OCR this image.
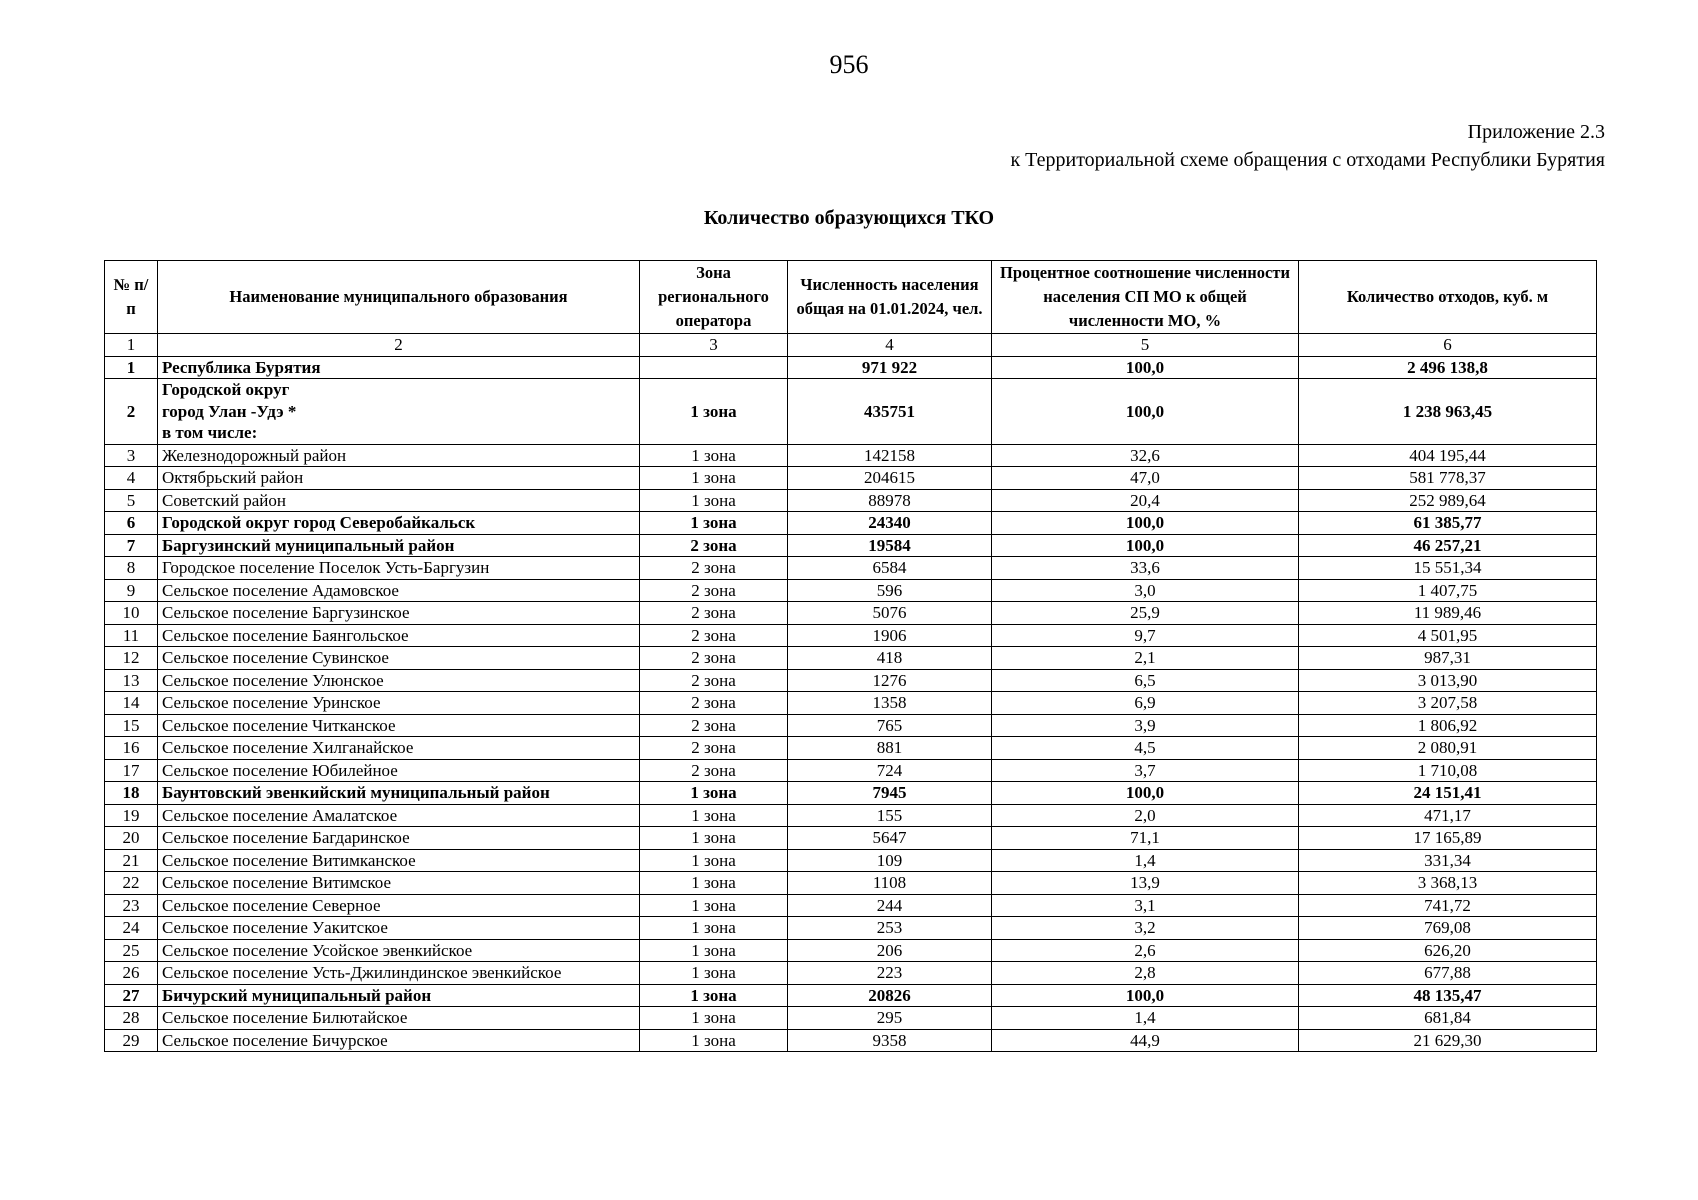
956
Приложение 2.3
к Территориальной схеме обращения с отходами Республики Бурятия
Количество образующихся ТКО
№ п/п	Наименование муниципального образования	Зона регионального оператора	Численность населения общая на 01.01.2024, чел.	Процентное соотношение численности населения СП МО к общей численности МО, %	Количество отходов, куб. м
1	2	3	4	5	6
1	Республика Бурятия		971 922	100,0	2 496 138,8
2	Городской округ
город Улан -Удэ *
в том числе:	1 зона	435751	100,0	1 238 963,45
3	Железнодорожный район	1 зона	142158	32,6	404 195,44
4	Октябрьский район	1 зона	204615	47,0	581 778,37
5	Советский район	1 зона	88978	20,4	252 989,64
6	Городской округ город Северобайкальск	1 зона	24340	100,0	61 385,77
7	Баргузинский муниципальный район	2 зона	19584	100,0	46 257,21
8	Городское поселение Поселок Усть-Баргузин	2 зона	6584	33,6	15 551,34
9	Сельское поселение Адамовское	2 зона	596	3,0	1 407,75
10	Сельское поселение Баргузинское	2 зона	5076	25,9	11 989,46
11	Сельское поселение Баянгольское	2 зона	1906	9,7	4 501,95
12	Сельское поселение Сувинское	2 зона	418	2,1	987,31
13	Сельское поселение Улюнское	2 зона	1276	6,5	3 013,90
14	Сельское поселение Уринское	2 зона	1358	6,9	3 207,58
15	Сельское поселение Читканское	2 зона	765	3,9	1 806,92
16	Сельское поселение Хилганайское	2 зона	881	4,5	2 080,91
17	Сельское поселение Юбилейное	2 зона	724	3,7	1 710,08
18	Баунтовский эвенкийский муниципальный район	1 зона	7945	100,0	24 151,41
19	Сельское поселение Амалатское	1 зона	155	2,0	471,17
20	Сельское поселение Багдаринское	1 зона	5647	71,1	17 165,89
21	Сельское поселение Витимканское	1 зона	109	1,4	331,34
22	Сельское поселение Витимское	1 зона	1108	13,9	3 368,13
23	Сельское поселение Северное	1 зона	244	3,1	741,72
24	Сельское поселение Уакитское	1 зона	253	3,2	769,08
25	Сельское поселение Усойское эвенкийское	1 зона	206	2,6	626,20
26	Сельское поселение Усть-Джилиндинское эвенкийское	1 зона	223	2,8	677,88
27	Бичурский муниципальный район	1 зона	20826	100,0	48 135,47
28	Сельское поселение Билютайское	1 зона	295	1,4	681,84
29	Сельское поселение Бичурское	1 зона	9358	44,9	21 629,30
